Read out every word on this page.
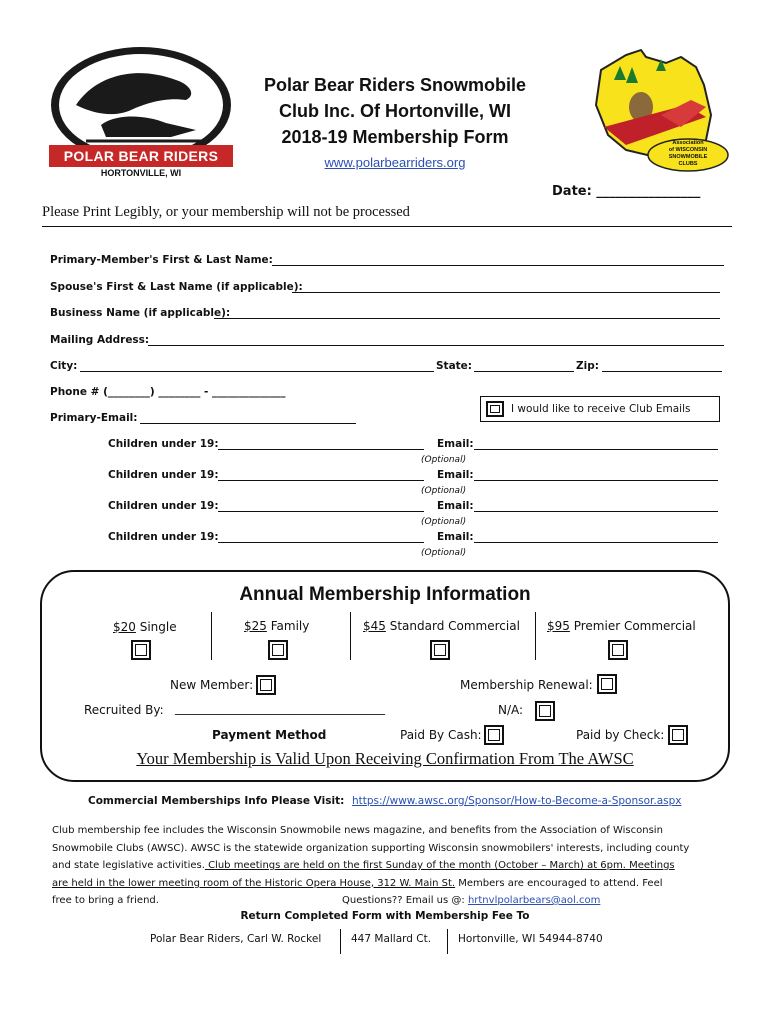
POLAR BEAR RIDERS
HORTONVILLE, WI
Polar Bear Riders Snowmobile
Club Inc. Of Hortonville, WI
2018-19 Membership Form
www.polarbearriders.org
Association
of WISCONSIN
SNOWMOBILE
CLUBS
Date: ________________
Please Print Legibly, or your membership will not be processed
Primary-Member's First & Last Name:
Spouse's First & Last Name (if applicable):
Business Name (if applicable):
Mailing Address:
City:	State:	Zip:
Phone # (________) ________ - ______________
Primary-Email:
I would like to receive Club Emails
Children under 19:	Email:
(Optional)
Children under 19:	Email:
(Optional)
Children under 19:	Email:
(Optional)
Children under 19:	Email:
(Optional)
Annual Membership Information
$20 Single	$25 Family	$45 Standard Commercial $95 Premier Commercial
New Member:	Membership Renewal:
Recruited By: ___________________________________	N/A:
Payment Method	Paid By Cash:	Paid by Check:
Your Membership is Valid Upon Receiving Confirmation From The AWSC
Commercial Memberships Info Please Visit: https://www.awsc.org/Sponsor/How-to-Become-a-Sponsor.aspx
Club membership fee includes the Wisconsin Snowmobile news magazine, and benefits from the Association of Wisconsin
Snowmobile Clubs (AWSC). AWSC is the statewide organization supporting Wisconsin snowmobilers' interests, including county
and state legislative activities. Club meetings are held on the first Sunday of the month (October – March) at 6pm. Meetings
are held in the lower meeting room of the Historic Opera House, 312 W. Main St. Members are encouraged to attend. Feel
free to bring a friend.	Questions?? Email us @: hrtnvlpolarbears@aol.com
Return Completed Form with Membership Fee To
Polar Bear Riders, Carl W. Rockel	447 Mallard Ct.	Hortonville, WI 54944-8740
